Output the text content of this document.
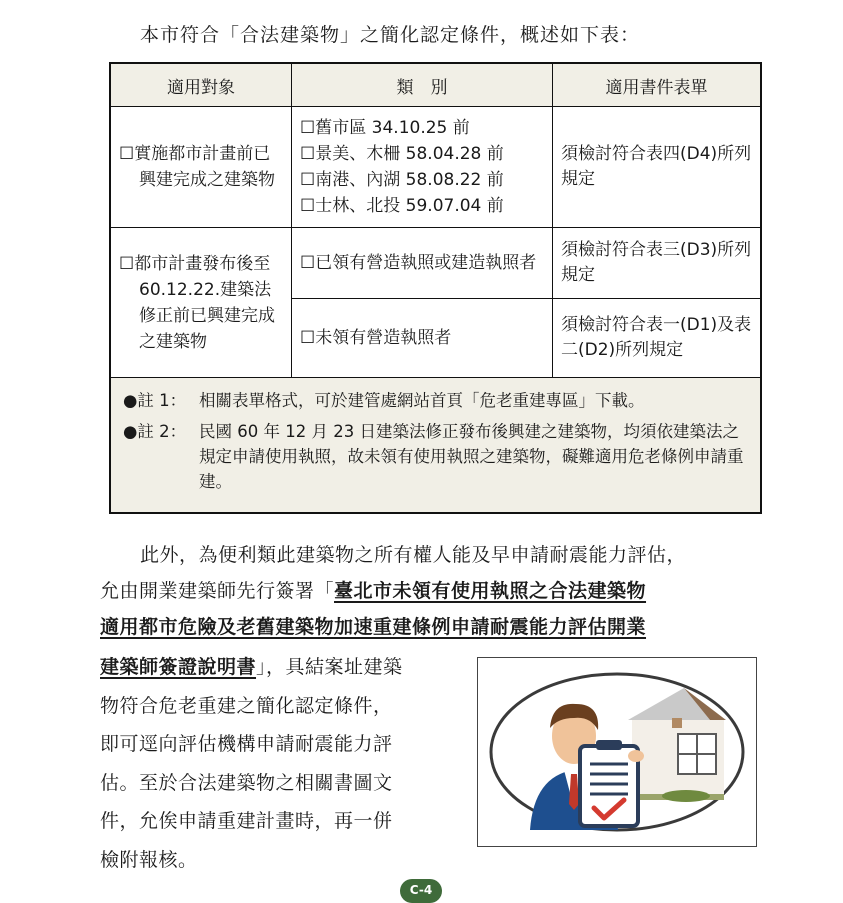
本市符合「合法建築物」之簡化認定條件，概述如下表：
適用對象	類　別	適用書件表單

☐ 實施都市計畫前已興建完成之建築物	☐ 舊市區 34.10.25 前
☐ 景美、木柵 58.04.28 前
☐ 南港、內湖 58.08.22 前
☐ 士林、北投 59.07.04 前	須檢討符合表四(D4)所列規定

☐ 都市計畫發布後至60.12.22.建築法修正前已興建完成之建築物	☐ 已領有營造執照或建造執照者	須檢討符合表三(D3)所列規定

	☐ 未領有營造執照者	須檢討符合表一(D1)及表二(D2)所列規定

●註 1： 相關表單格式，可於建管處網站首頁「危老重建專區」下載。
●註 2： 民國 60 年 12 月 23 日建築法修正發布後興建之建築物，均須依建築法之規定申請使用執照，故未領有使用執照之建築物，礙難適用危老條例申請重建。		
此外，為便利類此建築物之所有權人能及早申請耐震能力評估，
允由開業建築師先行簽署「臺北市未領有使用執照之合法建築物
適用都市危險及老舊建築物加速重建條例申請耐震能力評估開業
建築師簽證說明書」，具結案址建築
物符合危老重建之簡化認定條件，
即可逕向評估機構申請耐震能力評
估。至於合法建築物之相關書圖文
件，允俟申請重建計畫時，再一併
檢附報核。
C-4
